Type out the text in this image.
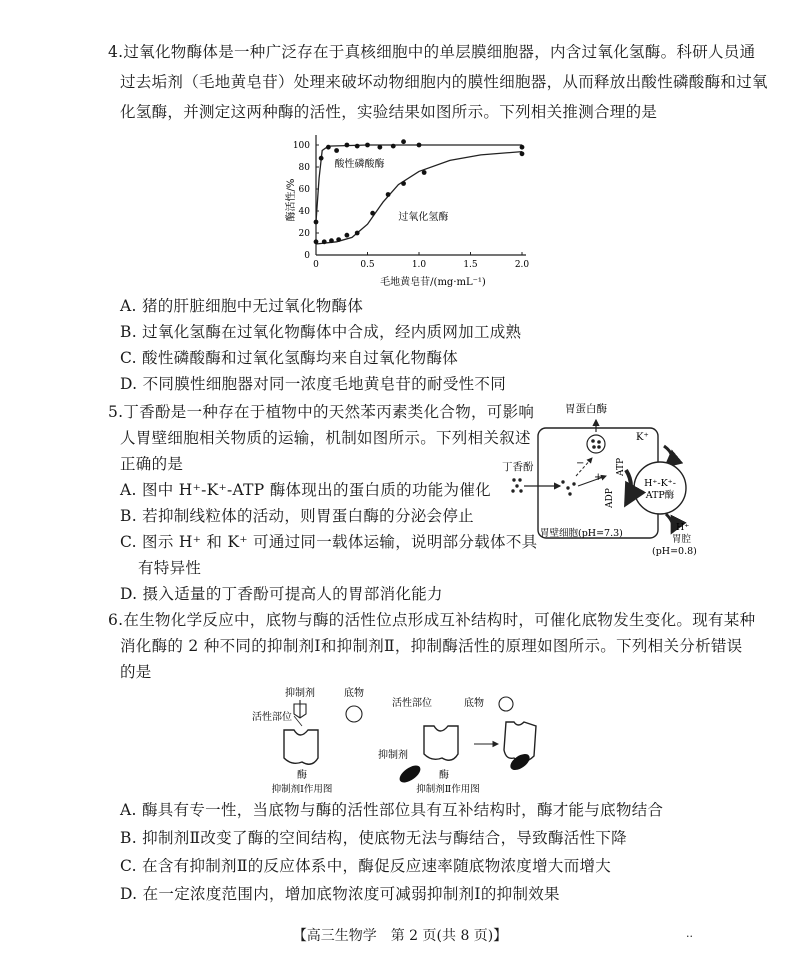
4.过氧化物酶体是一种广泛存在于真核细胞中的单层膜细胞器，内含过氧化氢酶。科研人员通
过去垢剂（毛地黄皂苷）处理来破坏动物细胞内的膜性细胞器，从而释放出酸性磷酸酶和过氧
化氢酶，并测定这两种酶的活性，实验结果如图所示。下列相关推测合理的是
0
20
40
60
80
100
0	0.5	1.0	1.5	2.0
毛地黄皂苷/(mg·mL⁻¹)
酶活性/%
酸性磷酸酶
过氧化氢酶
A. 猪的肝脏细胞中无过氧化物酶体
B. 过氧化氢酶在过氧化物酶体中合成，经内质网加工成熟
C. 酸性磷酸酶和过氧化氢酶均来自过氧化物酶体
D. 不同膜性细胞器对同一浓度毛地黄皂苷的耐受性不同
5.丁香酚是一种存在于植物中的天然苯丙素类化合物，可影响
人胃壁细胞相关物质的运输，机制如图所示。下列相关叙述
正确的是
A. 图中 H⁺-K⁺-ATP 酶体现出的蛋白质的功能为催化
B. 若抑制线粒体的活动，则胃蛋白酶的分泌会停止
C. 图示 H⁺ 和 K⁺ 可通过同一载体运输，说明部分载体不具
有特异性
D. 摄入适量的丁香酚可提高人的胃部消化能力
胃蛋白酶
丁香酚	−
+
K⁺
H⁺-K⁺-
ATP酶
ATP
ADP
胃壁细胞(pH=7.3)
H⁺
胃腔
(pH=0.8)
6.在生物化学反应中，底物与酶的活性位点形成互补结构时，可催化底物发生变化。现有某种
消化酶的 2 种不同的抑制剂Ⅰ和抑制剂Ⅱ，抑制酶活性的原理如图所示。下列相关分析错误
的是
抑制剂	底物
活性部位
酶
抑制剂Ⅰ作用图
活性部位	底物
抑制剂
酶
抑制剂Ⅱ作用图
A. 酶具有专一性，当底物与酶的活性部位具有互补结构时，酶才能与底物结合
B. 抑制剂Ⅱ改变了酶的空间结构，使底物无法与酶结合，导致酶活性下降
C. 在含有抑制剂Ⅱ的反应体系中，酶促反应速率随底物浓度增大而增大
D. 在一定浓度范围内，增加底物浓度可减弱抑制剂Ⅰ的抑制效果
【高三生物学　第 2 页(共 8 页)】	··
